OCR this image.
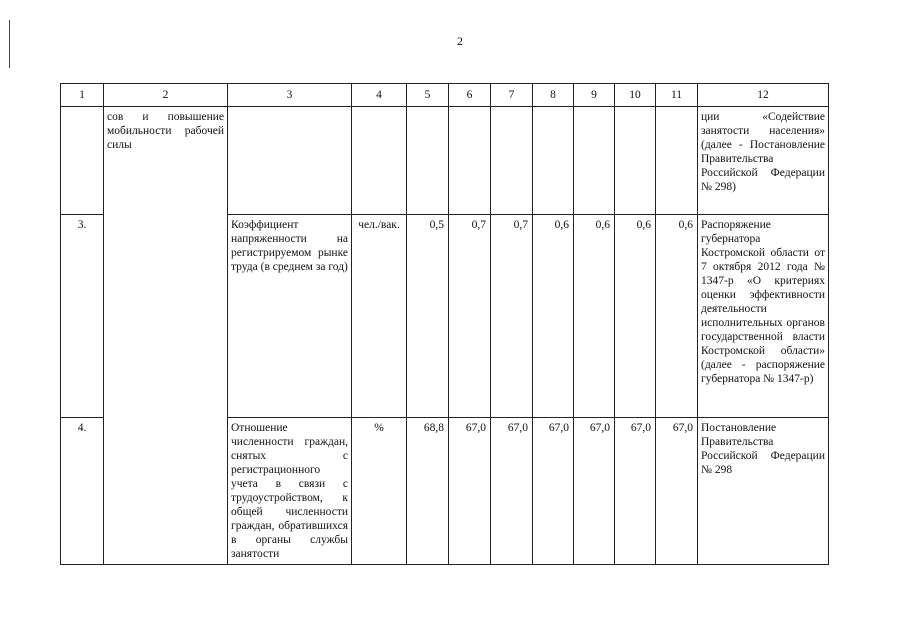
2
1	2	3	4	5	6	7	8	9	10	11	12
	сов и повышение мобильности рабочей силы										ции «Содействие занятости населения» (далее - Постановление Правительства Российской Федерации № 298)
3.		Коэффициент напряженности на регистрируемом рынке труда (в среднем за год)	чел./вак.	0,5	0,7	0,7	0,6	0,6	0,6	0,6	Распоряжение губернатора Костромской области от 7 октября 2012 года № 1347-р «О критериях оценки эффективности деятельности исполнительных органов государственной власти Костромской области» (далее - распоряжение губернатора № 1347-р)
4.		Отношение численности граждан, снятых с регистрационного учета в связи с трудоустройством, к общей численности граждан, обратившихся в органы службы занятости	%	68,8	67,0	67,0	67,0	67,0	67,0	67,0	Постановление Правительства Российской Федерации № 298
